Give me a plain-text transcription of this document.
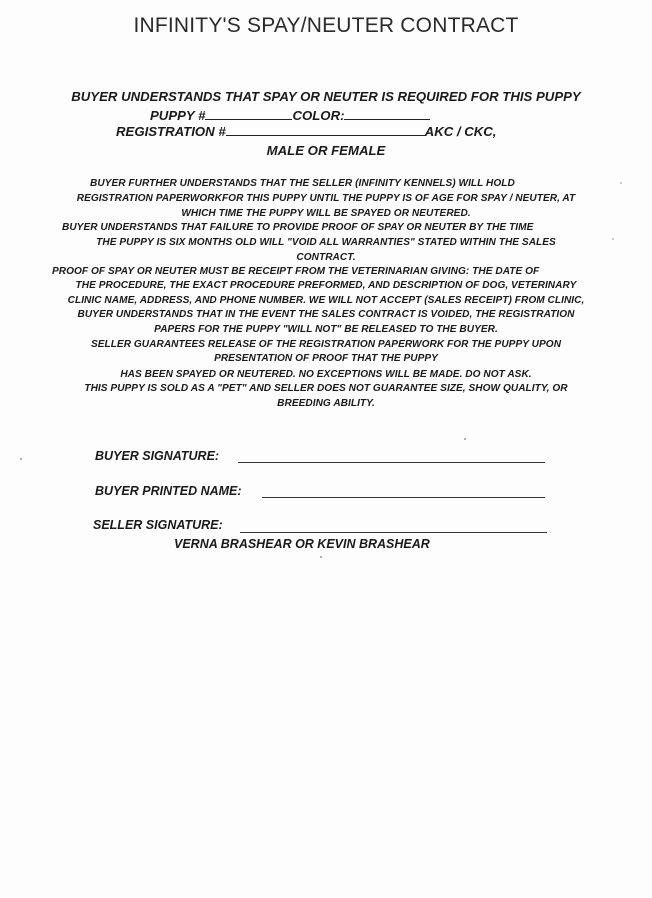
INFINITY'S SPAY/NEUTER CONTRACT
BUYER UNDERSTANDS THAT SPAY OR NEUTER IS REQUIRED FOR THIS PUPPY
PUPPY #	COLOR:
REGISTRATION #	AKC / CKC,
MALE OR FEMALE
BUYER FURTHER UNDERSTANDS THAT THE SELLER (INFINITY KENNELS) WILL HOLD
REGISTRATION PAPERWORKFOR THIS PUPPY UNTIL THE PUPPY IS OF AGE FOR SPAY / NEUTER, AT
WHICH TIME THE PUPPY WILL BE SPAYED OR NEUTERED.
BUYER UNDERSTANDS THAT FAILURE TO PROVIDE PROOF OF SPAY OR NEUTER BY THE TIME
THE PUPPY IS SIX MONTHS OLD WILL "VOID ALL WARRANTIES" STATED WITHIN THE SALES
CONTRACT.
PROOF OF SPAY OR NEUTER MUST BE RECEIPT FROM THE VETERINARIAN GIVING: THE DATE OF
THE PROCEDURE, THE EXACT PROCEDURE PREFORMED, AND DESCRIPTION OF DOG, VETERINARY
CLINIC NAME, ADDRESS, AND PHONE NUMBER. WE WILL NOT ACCEPT (SALES RECEIPT) FROM CLINIC,
BUYER UNDERSTANDS THAT IN THE EVENT THE SALES CONTRACT IS VOIDED, THE REGISTRATION
PAPERS FOR THE PUPPY "WILL NOT" BE RELEASED TO THE BUYER.
SELLER GUARANTEES RELEASE OF THE REGISTRATION PAPERWORK FOR THE PUPPY UPON
PRESENTATION OF PROOF THAT THE PUPPY
HAS BEEN SPAYED OR NEUTERED. NO EXCEPTIONS WILL BE MADE. DO NOT ASK.
THIS PUPPY IS SOLD AS A "PET" AND SELLER DOES NOT GUARANTEE SIZE, SHOW QUALITY, OR
BREEDING ABILITY.
BUYER SIGNATURE:
BUYER PRINTED NAME:
SELLER SIGNATURE:
VERNA BRASHEAR OR KEVIN BRASHEAR
